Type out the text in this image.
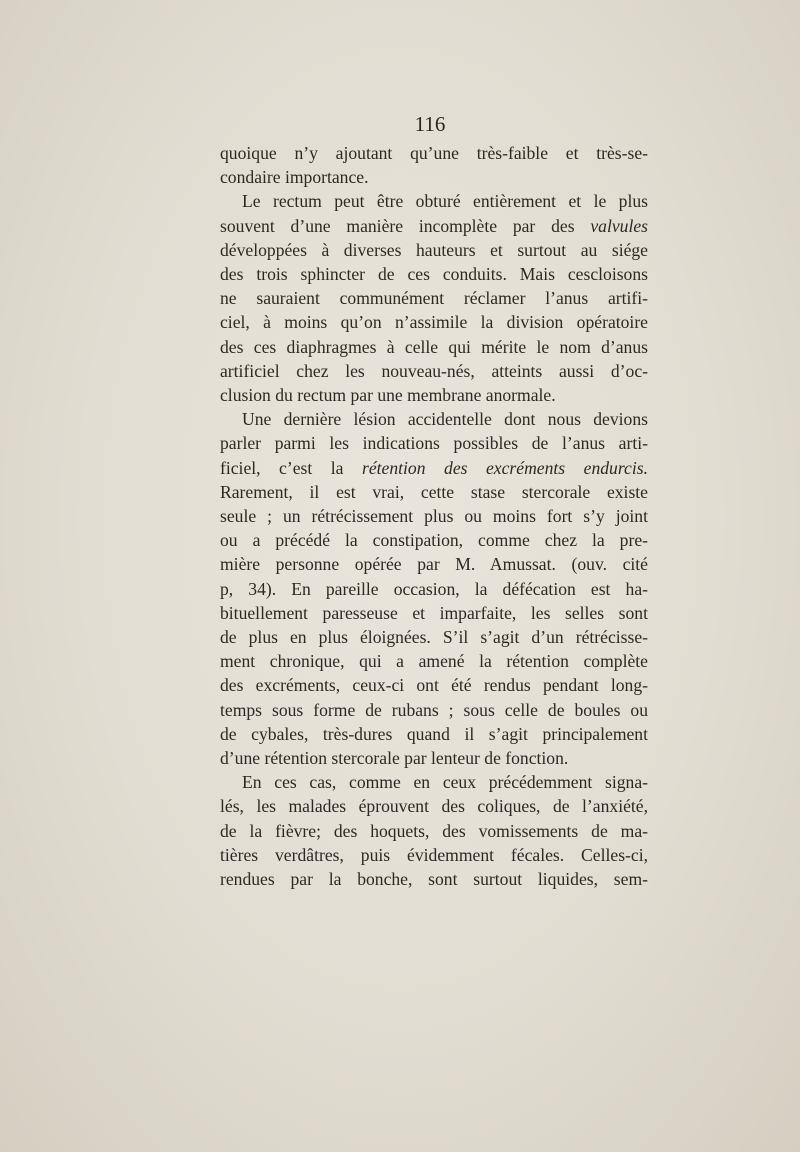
116

quoique n’y ajoutant qu’une très-faible et très-se-
condaire importance.

Le rectum peut être obturé entièrement et le plus
souvent d’une manière incomplète par des valvules
développées à diverses hauteurs et surtout au siége
des trois sphincter de ces conduits. Mais cescloisons
ne sauraient communément réclamer l’anus artifi-
ciel, à moins qu’on n’assimile la division opératoire
des ces diaphragmes à celle qui mérite le nom d’anus
artificiel chez les nouveau-nés, atteints aussi d’oc-
clusion du rectum par une membrane anormale.

Une dernière lésion accidentelle dont nous devions
parler parmi les indications possibles de l’anus arti-
ficiel, c’est la rétention des excréments endurcis.
Rarement, il est vrai, cette stase stercorale existe
seule ; un rétrécissement plus ou moins fort s’y joint
ou a précédé la constipation, comme chez la pre-
mière personne opérée par M. Amussat. (ouv. cité
p, 34). En pareille occasion, la défécation est ha-
bituellement paresseuse et imparfaite, les selles sont
de plus en plus éloignées. S’il s’agit d’un rétrécisse-
ment chronique, qui a amené la rétention complète
des excréments, ceux-ci ont été rendus pendant long-
temps sous forme de rubans ; sous celle de boules ou
de cybales, très-dures quand il s’agit principalement
d’une rétention stercorale par lenteur de fonction.

En ces cas, comme en ceux précédemment signa-
lés, les malades éprouvent des coliques, de l’anxiété,
de la fièvre; des hoquets, des vomissements de ma-
tières verdâtres, puis évidemment fécales. Celles-ci,
rendues par la bonche, sont surtout liquides, sem-
